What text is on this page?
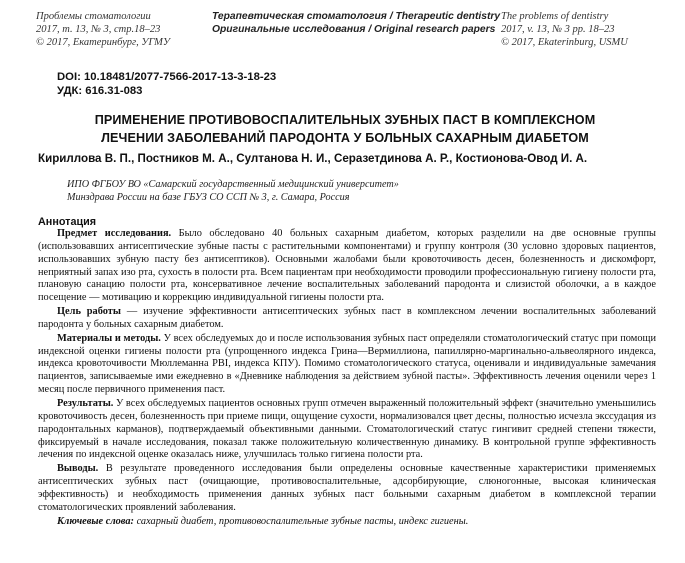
Проблемы стоматологии
2017, т. 13, № 3, стр.18–23
© 2017, Екатеринбург, УГМУ
Терапевтическая стоматология / Therapeutic dentistry
Оригинальные исследования / Original research papers
The problems of dentistry
2017, v. 13, № 3 pp. 18–23
© 2017, Ekaterinburg, USMU
DOI: 10.18481/2077-7566-2017-13-3-18-23
УДК: 616.31-083
ПРИМЕНЕНИЕ ПРОТИВОВОСПАЛИТЕЛЬНЫХ ЗУБНЫХ ПАСТ В КОМПЛЕКСНОМ
ЛЕЧЕНИИ ЗАБОЛЕВАНИЙ ПАРОДОНТА У БОЛЬНЫХ САХАРНЫМ ДИАБЕТОМ
Кириллова В. П., Постников М. А., Султанова Н. И., Серазетдинова А. Р., Костионова-Овод И. А.
ИПО ФГБОУ ВО «Самарский государственный медицинский университет»
Минздрава России на базе ГБУЗ СО ССП № 3, г. Самара, Россия
Аннотация

Предмет исследования. Было обследовано 40 больных сахарным диабетом, которых разделили на две основные группы (использовавших антисептические зубные пасты с растительными компонентами) и группу контроля (30 условно здоровых пациентов, использовавших зубную пасту без антисептиков). Основными жалобами были кровоточивость десен, болезненность и дискомфорт, неприятный запах изо рта, сухость в полости рта. Всем пациентам при необходимости проводили профессиональную гигиену полости рта, плановую санацию полости рта, консервативное лечение воспалительных заболеваний пародонта и слизистой оболочки, а в каждое посещение — мотивацию и коррекцию индивидуальной гигиены полости рта.

Цель работы — изучение эффективности антисептических зубных паст в комплексном лечении воспалительных заболеваний пародонта у больных сахарным диабетом.

Материалы и методы. У всех обследуемых до и после использования зубных паст определяли стоматологический статус при помощи индексной оценки гигиены полости рта (упрощенного индекса Грина—Вермиллиона, папиллярно-маргинально-альвеолярного индекса, индекса кровоточивости Мюллеманна PBI, индекса КПУ). Помимо стоматологического статуса, оценивали и индивидуальные замечания пациентов, записываемые ими ежедневно в «Дневнике наблюдения за действием зубной пасты». Эффективность лечения оценили через 1 месяц после первичного применения паст.

Результаты. У всех обследуемых пациентов основных групп отмечен выраженный положительный эффект (значительно уменьшились кровоточивость десен, болезненность при приеме пищи, ощущение сухости, нормализовался цвет десны, полностью исчезла экссудация из пародонтальных карманов), подтверждаемый объективными данными. Стоматологический статус гингивит средней степени тяжести, фиксируемый в начале исследования, показал также положительную количественную динамику. В контрольной группе эффективность лечения по индексной оценке оказалась ниже, улучшилась только гигиена полости рта.

Выводы. В результате проведенного исследования были определены основные качественные характеристики применяемых антисептических зубных паст (очищающие, противовоспалительные, адсорбирующие, слюногонные, высокая клиническая эффективность) и необходимость применения данных зубных паст больными сахарным диабетом в комплексной терапии стоматологических проявлений заболевания.

Ключевые слова: сахарный диабет, противовоспалительные зубные пасты, индекс гигиены.
